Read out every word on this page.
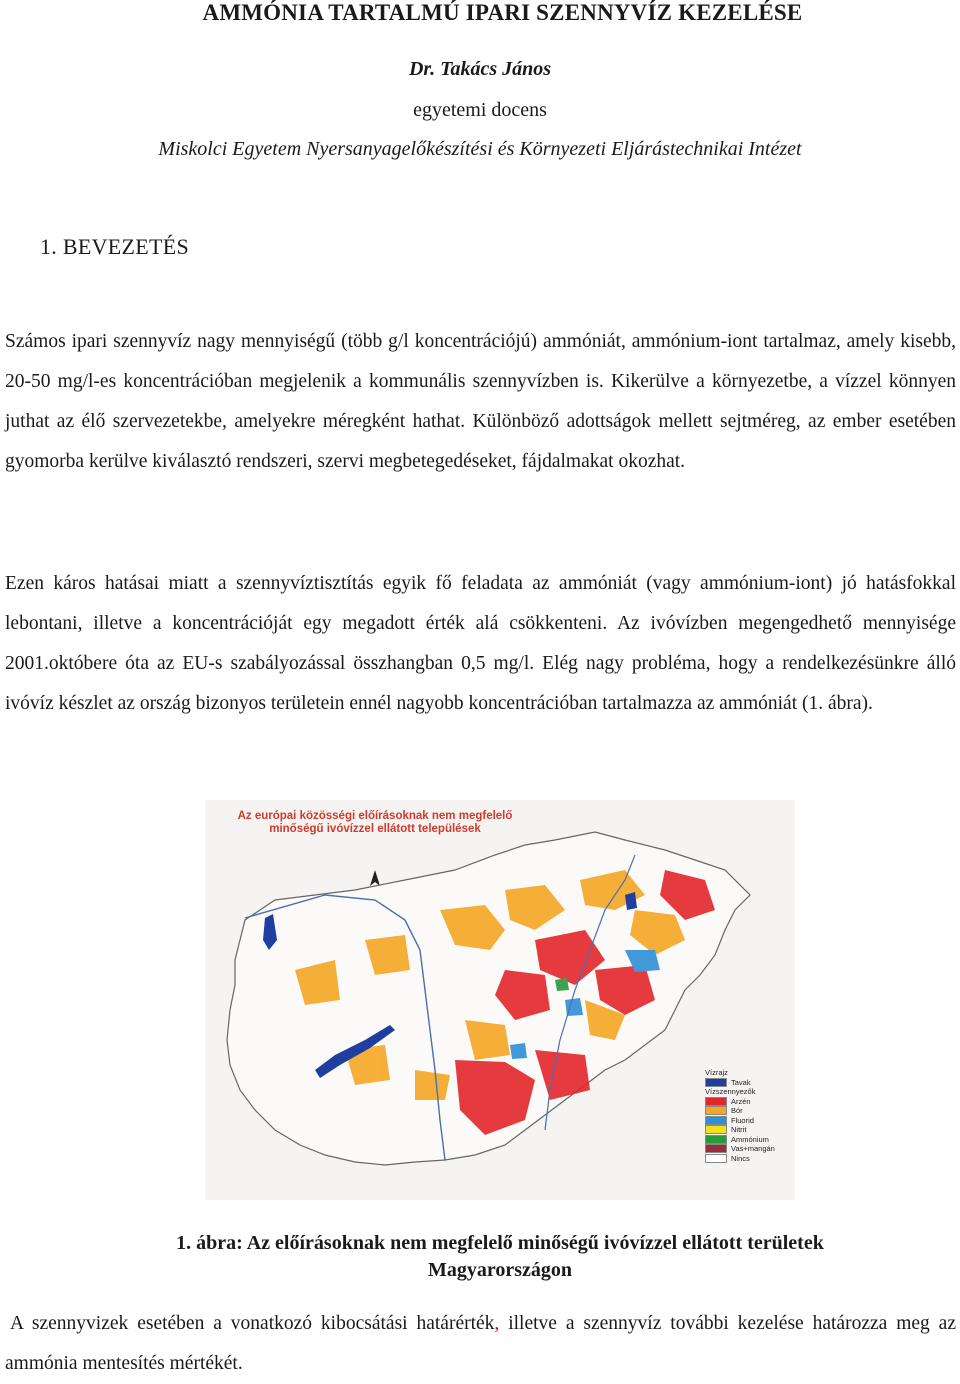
AMMÓNIA TARTALMÚ IPARI SZENNYVÍZ KEZELÉSE
Dr. Takács János
egyetemi docens
Miskolci Egyetem Nyersanyagelőkészítési és Környezeti Eljárástechnikai Intézet
1. BEVEZETÉS
Számos ipari szennyvíz nagy mennyiségű (több g/l koncentrációjú) ammóniát, ammónium-iont tartalmaz, amely kisebb, 20-50 mg/l-es koncentrációban megjelenik a kommunális szennyvízben is. Kikerülve a környezetbe, a vízzel könnyen juthat az élő szervezetekbe, amelyekre méregként hathat. Különböző adottságok mellett sejtméreg, az ember esetében gyomorba kerülve kiválasztó rendszeri, szervi megbetegedéseket, fájdalmakat okozhat.
Ezen káros hatásai miatt a szennyvíztisztítás egyik fő feladata az ammóniát (vagy ammónium-iont) jó hatásfokkal lebontani, illetve a koncentrációját egy megadott érték alá csökkenteni. Az ivóvízben megengedhető mennyisége 2001.októbere óta az EU-s szabályozással összhangban 0,5 mg/l. Elég nagy probléma, hogy a rendelkezésünkre álló ivóvíz készlet az ország bizonyos területein ennél nagyobb koncentrációban tartalmazza az ammóniát (1. ábra).
Az európai közösségi előírásoknak nem megfelelő minőségű ivóvízzel ellátott települések
Vízrajz
Tavak
Vízszennyezők
Arzén
Bór
Fluorid
Nitrit
Ammónium
Vas+mangán
Nincs
1. ábra: Az előírásoknak nem megfelelő minőségű ivóvízzel ellátott területek
Magyarországon
A szennyvizek esetében a vonatkozó kibocsátási határérték, illetve a szennyvíz további kezelése határozza meg az ammónia mentesítés mértékét.
